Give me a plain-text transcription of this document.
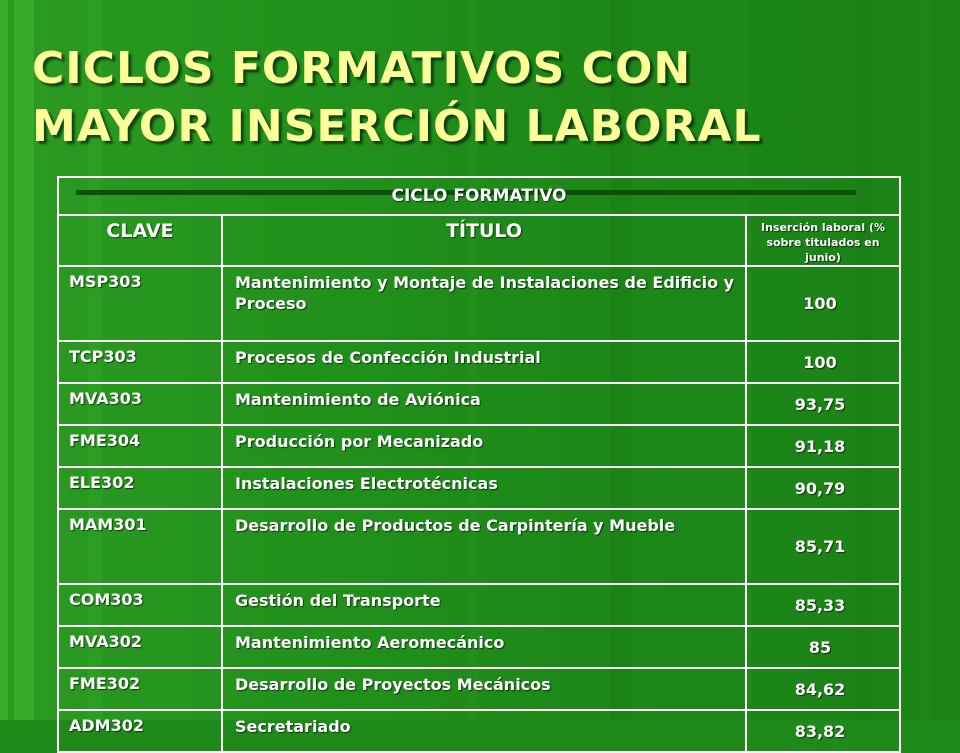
CICLOS FORMATIVOS CON
MAYOR INSERCIÓN LABORAL
CICLO FORMATIVO		
CLAVE	TÍTULO	Inserción laboral (% sobre titulados en junio)
MSP303	Mantenimiento y Montaje de Instalaciones de Edificio y Proceso	100
TCP303	Procesos de Confección Industrial	100
MVA303	Mantenimiento de Aviónica	93,75
FME304	Producción por Mecanizado	91,18
ELE302	Instalaciones Electrotécnicas	90,79
MAM301	Desarrollo de Productos de Carpintería y Mueble	85,71
COM303	Gestión del Transporte	85,33
MVA302	Mantenimiento Aeromecánico	85
FME302	Desarrollo de Proyectos Mecánicos	84,62
ADM302	Secretariado	83,82
